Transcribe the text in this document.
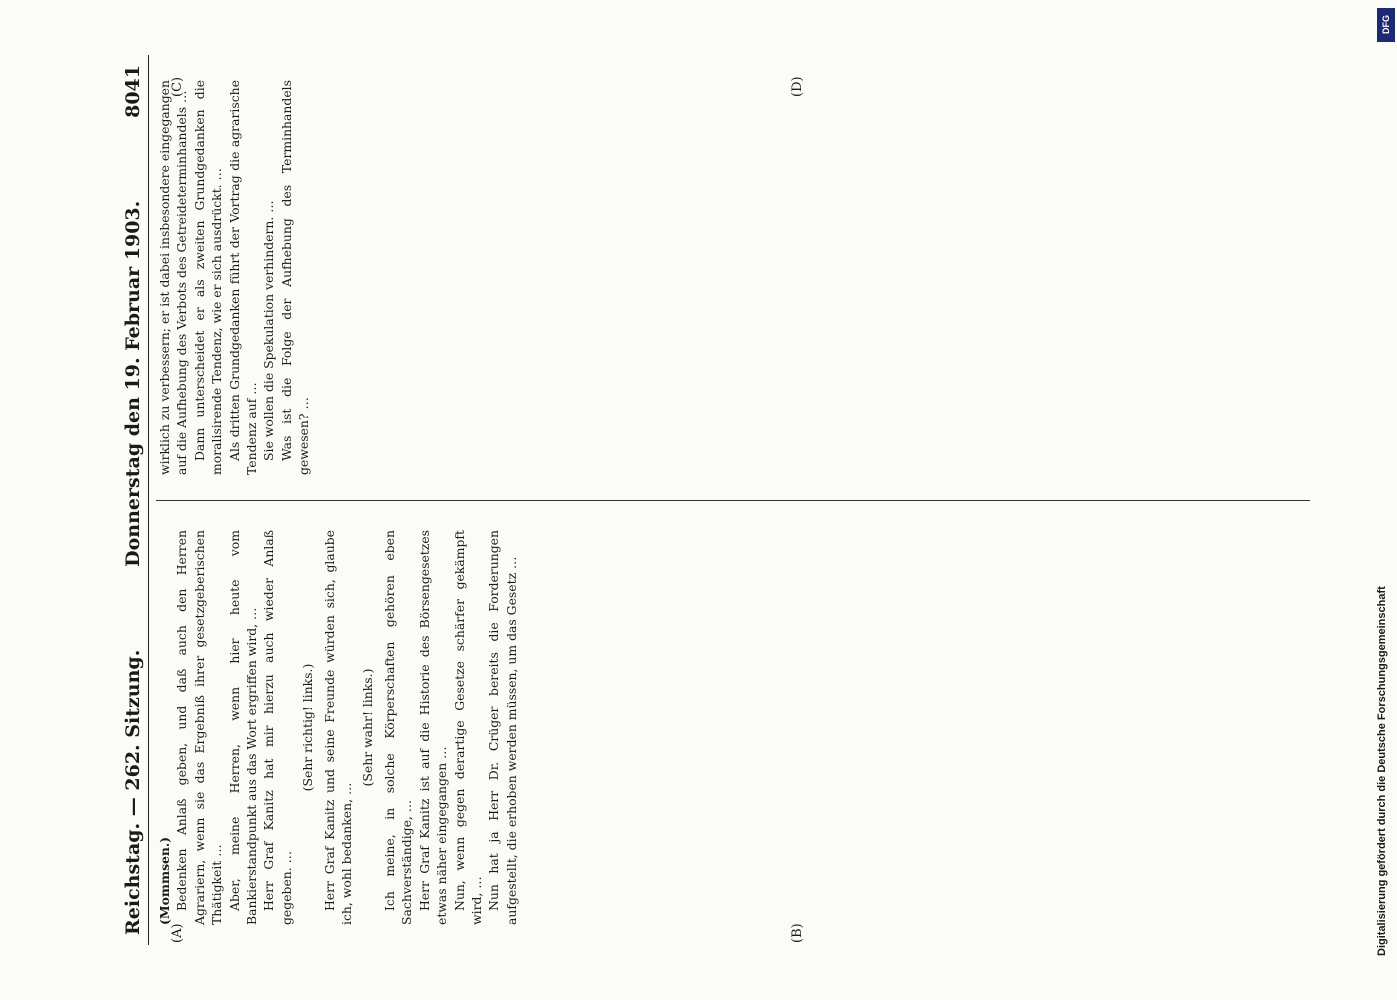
Reichstag. — 262. Sitzung.
Donnerstag den 19. Februar 1903.
8041
(A)	(B)
(C)	(D)

(Mommsen.) Bedenken Anlaß geben, und daß auch den Herren Agrariern, wenn sie das Ergebniß ihrer gesetzgeberischen Thätigkeit … Aber, meine Herren, wenn hier heute vom Bankierstandpunkt aus das Wort ergriffen wird, … Herr Graf Kanitz hat mir hierzu auch wieder Anlaß gegeben. …

(Sehr richtig! links.) Herr Graf Kanitz und seine Freunde würden sich, glaube ich, wohl bedanken, …

(Sehr wahr! links.) Ich meine, in solche Körperschaften gehören eben Sachverständige, … Herr Graf Kanitz ist auf die Historie des Börsengesetzes etwas näher eingegangen … Nun, wenn gegen derartige Gesetze schärfer gekämpft wird, … Nun hat ja Herr Dr. Crüger bereits die Forderungen aufgestellt, die erhoben werden müssen, um das Gesetz …

wirklich zu verbessern; er ist dabei insbesondere eingegangen auf die Aufhebung des Verbots des Getreideterminhandels … Dann unterscheidet er als zweiten Grundgedanken die moralisirende Tendenz, wie er sich ausdrückt. … Als dritten Grundgedanken führt der Vortrag die agrarische Tendenz auf … Sie wollen die Spekulation verhindern. … Was ist die Folge der Aufhebung des Terminhandels gewesen? …

Digitalisierung gefördert durch die Deutsche Forschungsgemeinschaft
DFG
